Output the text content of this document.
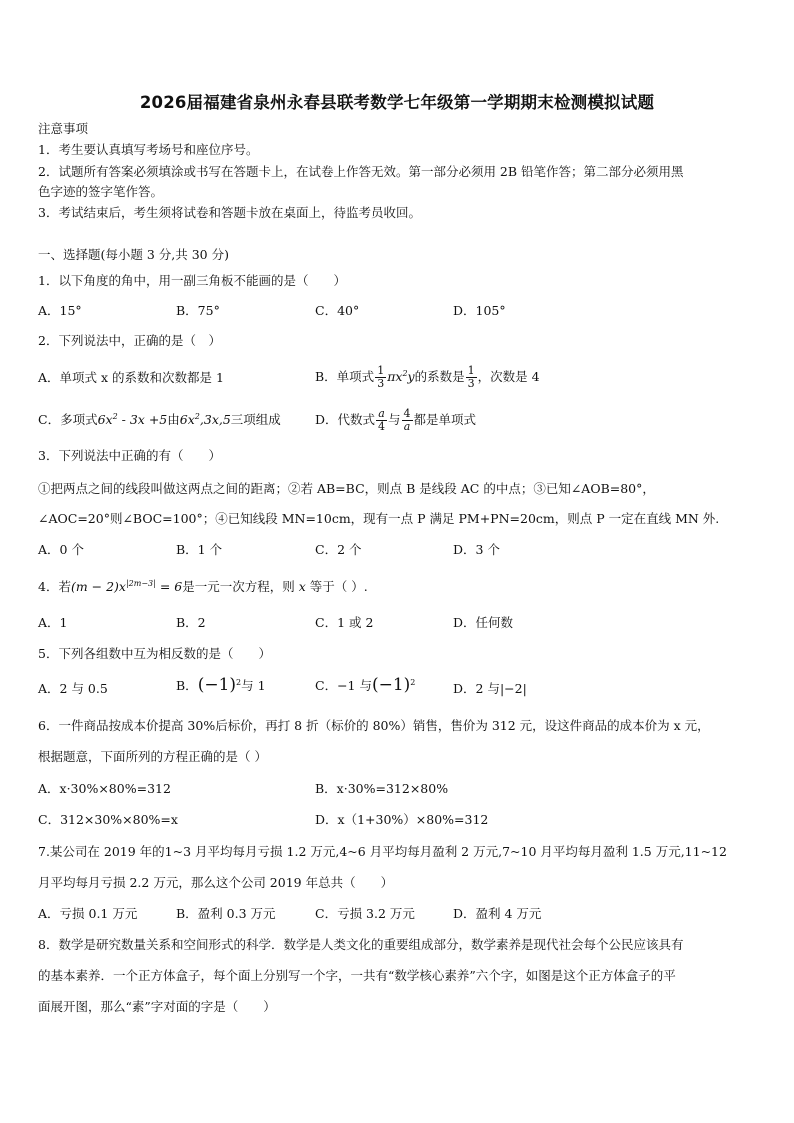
2026届福建省泉州永春县联考数学七年级第一学期期末检测模拟试题
注意事项
1．考生要认真填写考场号和座位序号。
2．试题所有答案必须填涂或书写在答题卡上，在试卷上作答无效。第一部分必须用 2B 铅笔作答；第二部分必须用黑
色字迹的签字笔作答。
3．考试结束后，考生须将试卷和答题卡放在桌面上，待监考员收回。
一、选择题(每小题 3 分,共 30 分)
1．以下角度的角中，用一副三角板不能画的是（　　）
A．15°	B．75°	C．40°	D．105°
2．下列说法中，正确的是（　）
A．单项式 x 的系数和次数都是 1	B．单项式 $\frac{1}{3} \pi x^2y$的系数是 $\frac{1}{3}$ ，次数是 4
C．多项式$6x^2 - 3x +5$由$6x^2,3x,5$三项组成	D．代数式 $\frac{a}{4}$ 与 $\frac{4}{a}$ 都是单项式
3．下列说法中正确的有（　　）
①把两点之间的线段叫做这两点之间的距离；②若 AB=BC，则点 B 是线段 AC 的中点；③已知∠AOB=80°，
∠AOC=20°则∠BOC=100°；④已知线段 MN=10cm，现有一点 P 满足 PM+PN=20cm，则点 P 一定在直线 MN 外.
A．0 个	B．1 个	C．2 个	D．3 个
4．若$(m - 2)x^{|2m-3|} = 6$是一元一次方程，则 x 等于（ ）.
A．1	B．2	C．1 或 2	D．任何数
5．下列各组数中互为相反数的是（　　）
A．2 与 0.5	B．$(-1)^2$与 1	C．−1 与$(-1)^2$	D．2 与|−2|
6．一件商品按成本价提高 30%后标价，再打 8 折（标价的 80%）销售，售价为 312 元，设这件商品的成本价为 x 元，
根据题意，下面所列的方程正确的是（ ）
A．x·30%×80%=312	B．x·30%=312×80%
C．312×30%×80%=x	D．x（1+30%）×80%=312
7.某公司在 2019 年的1~3 月平均每月亏损 1.2 万元,4~6 月平均每月盈利 2 万元,7~10 月平均每月盈利 1.5 万元,11~12
月平均每月亏损 2.2 万元，那么这个公司 2019 年总共（　　）
A．亏损 0.1 万元	B．盈利 0.3 万元	C．亏损 3.2 万元	D．盈利 4 万元
8．数学是研究数量关系和空间形式的科学．数学是人类文化的重要组成部分，数学素养是现代社会每个公民应该具有
的基本素养．一个正方体盒子，每个面上分别写一个字，一共有“数学核心素养”六个字，如图是这个正方体盒子的平
面展开图，那么“素”字对面的字是（　　）
